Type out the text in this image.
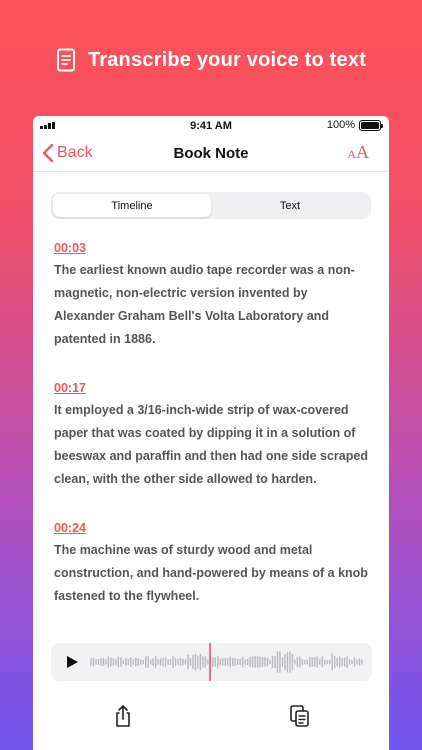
Transcribe your voice to text
9:41 AM	100%
Back	Book Note	AA
Timeline	Text
00:03

The earliest known audio tape recorder was a non-magnetic, non-electric version invented by Alexander Graham Bell's Volta Laboratory and patented in 1886.

00:17

It employed a 3/16-inch-wide strip of wax-covered paper that was coated by dipping it in a solution of beeswax and paraffin and then had one side scraped clean, with the other side allowed to harden.

00:24

The machine was of sturdy wood and metal construction, and hand-powered by means of a knob fastened to the flywheel.
